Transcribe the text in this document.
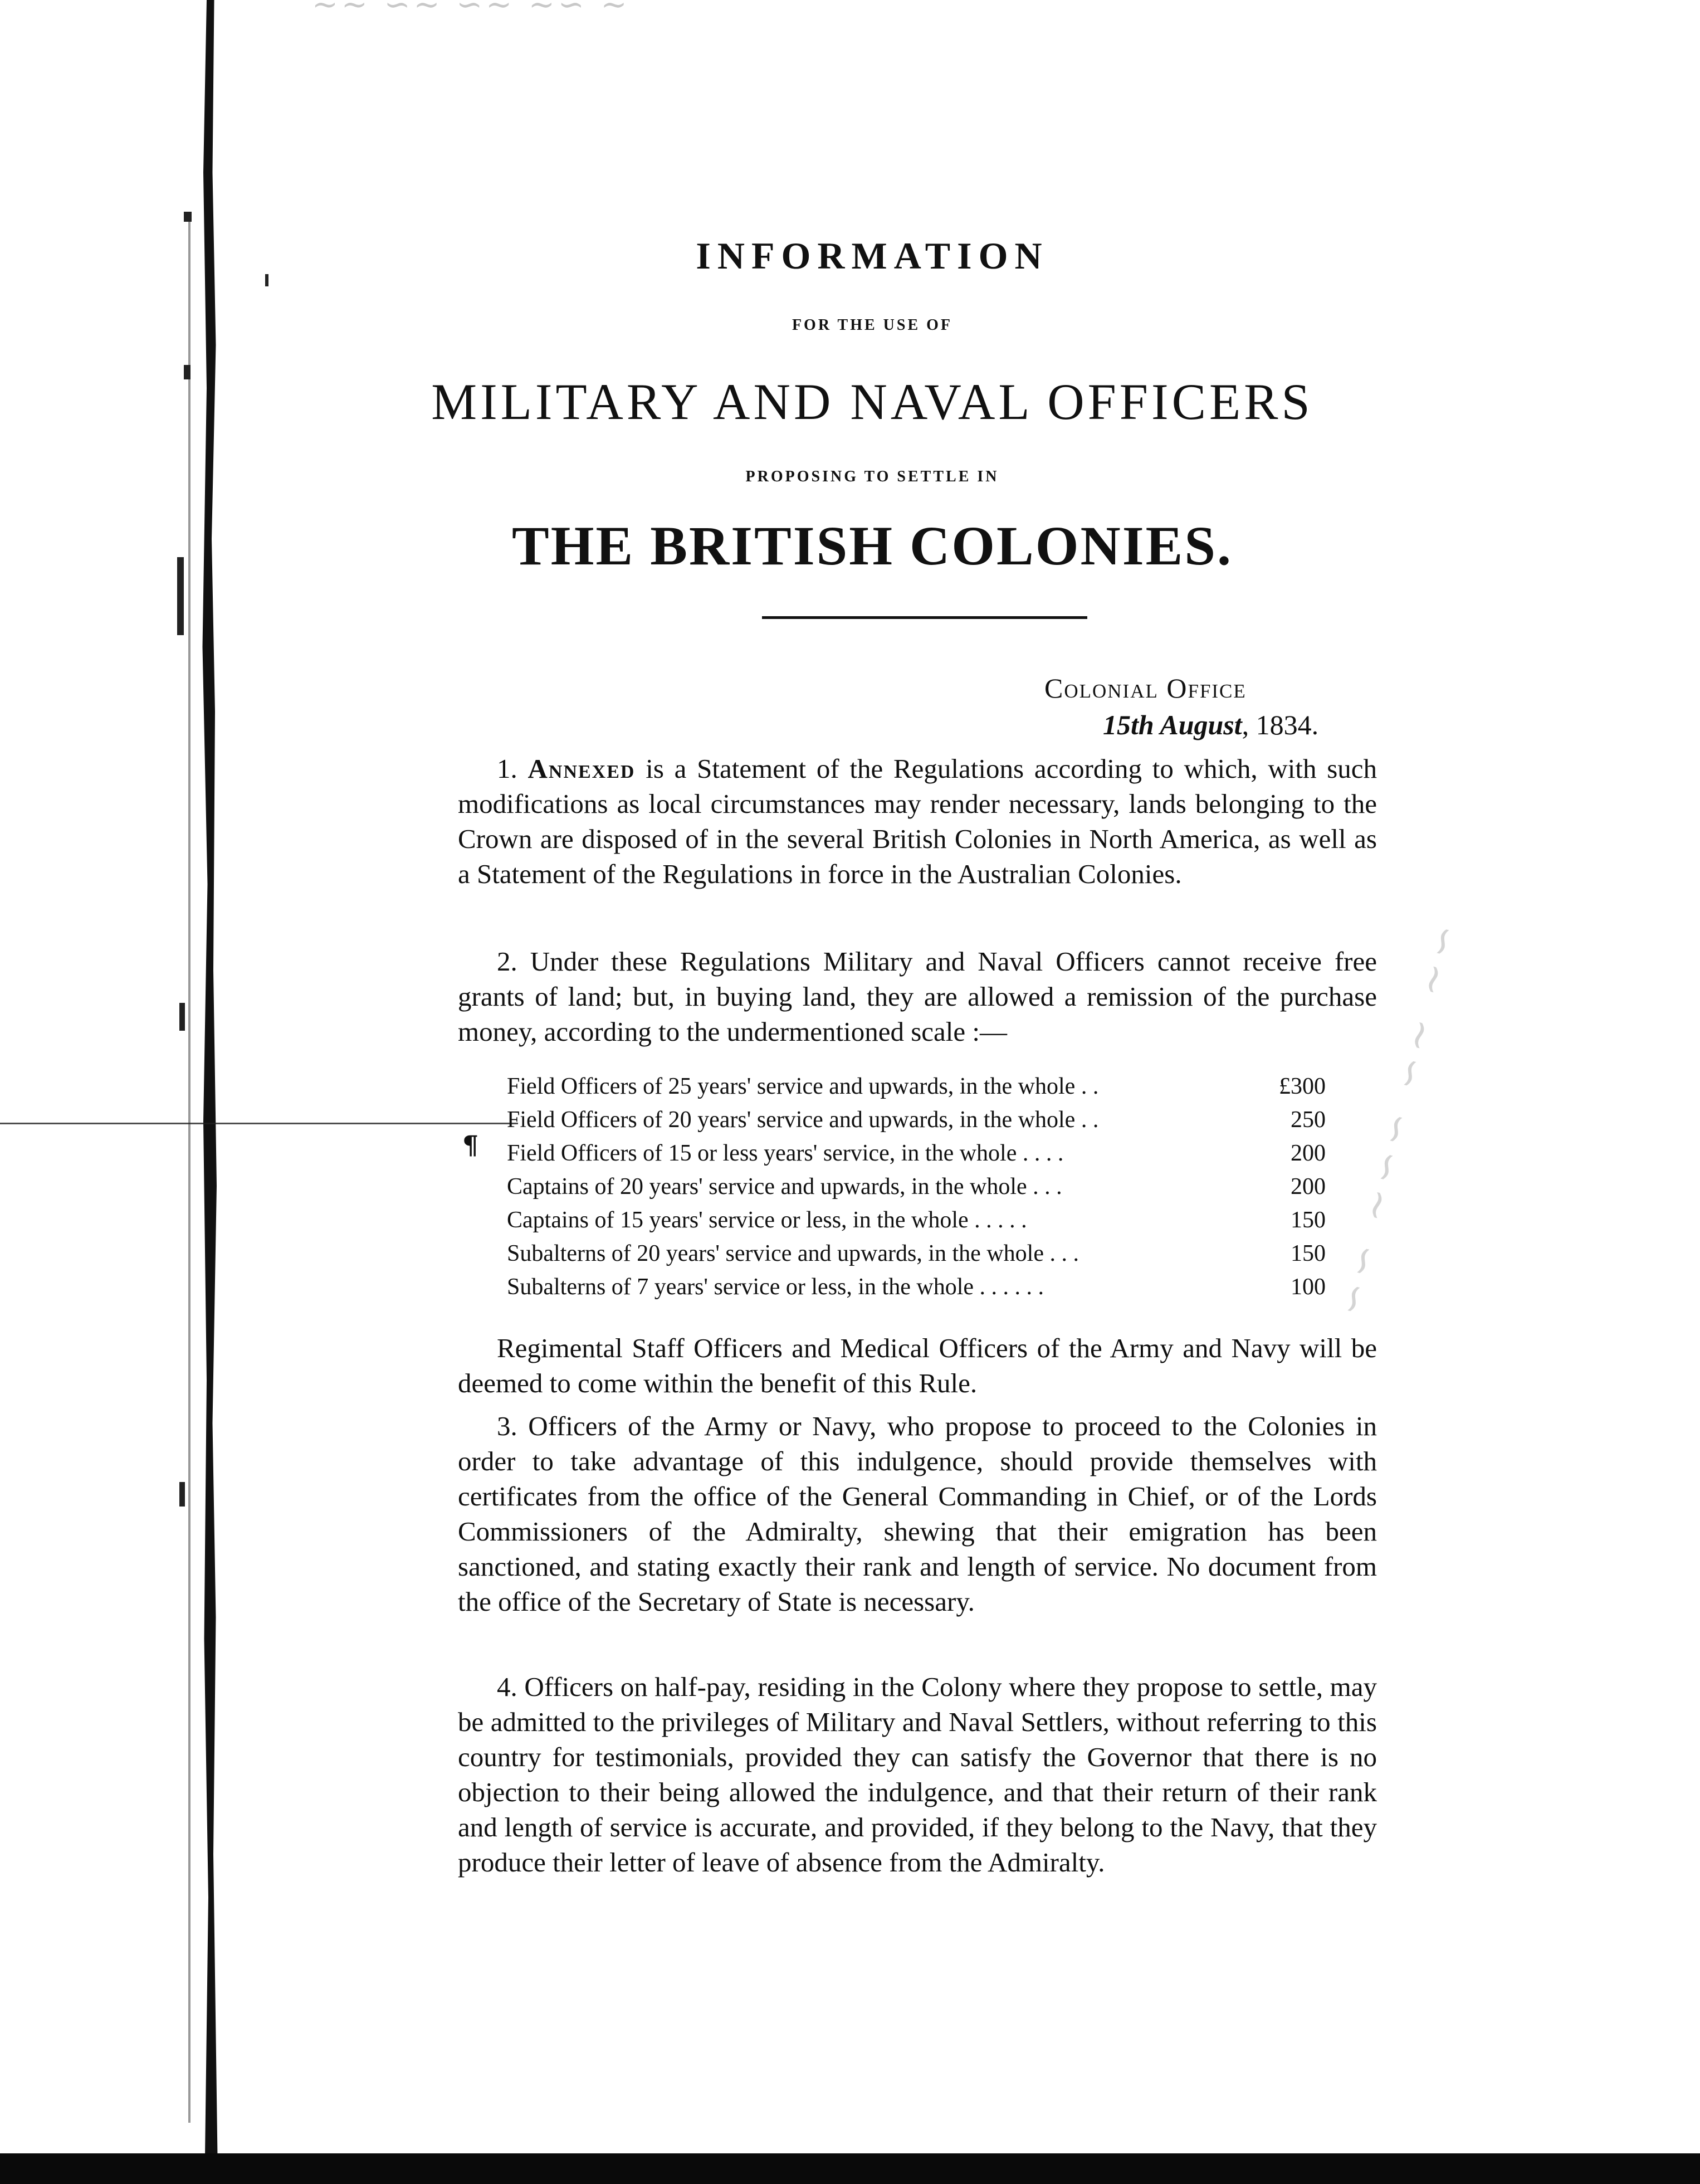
~~ ∽∼ ∽∼ ∼∽ ∼
∽∽ ∼∽∽ ∽∼ ∼∽
INFORMATION
FOR THE USE OF
MILITARY AND NAVAL OFFICERS
PROPOSING TO SETTLE IN
THE BRITISH COLONIES.
Colonial Office
15th August, 1834.

1. Annexed is a Statement of the Regulations according to which, with such modifications as local circumstances may render necessary, lands belonging to the Crown are disposed of in the several British Colonies in North America, as well as a Statement of the Regulations in force in the Australian Colonies.

2. Under these Regulations Military and Naval Officers cannot receive free grants of land; but, in buying land, they are allowed a remission of the purchase money, according to the undermentioned scale :—

¶
Field Officers of 25 years' service and upwards, in the whole . .	£300
Field Officers of 20 years' service and upwards, in the whole . .	250
Field Officers of 15 or less years' service, in the whole . . . .	200
Captains of 20 years' service and upwards, in the whole . . .	200
Captains of 15 years' service or less, in the whole . . . . .	150
Subalterns of 20 years' service and upwards, in the whole . . .	150
Subalterns of 7 years' service or less, in the whole . . . . . .	100

Regimental Staff Officers and Medical Officers of the Army and Navy will be deemed to come within the benefit of this Rule.

3. Officers of the Army or Navy, who propose to proceed to the Colonies in order to take advantage of this indulgence, should provide themselves with certificates from the office of the General Commanding in Chief, or of the Lords Commissioners of the Admiralty, shewing that their emigration has been sanctioned, and stating exactly their rank and length of service. No document from the office of the Secretary of State is necessary.

4. Officers on half-pay, residing in the Colony where they propose to settle, may be admitted to the privileges of Military and Naval Settlers, without referring to this country for testimonials, provided they can satisfy the Governor that there is no objection to their being allowed the indulgence, and that their return of their rank and length of service is accurate, and provided, if they belong to the Navy, that they produce their letter of leave of absence from the Admiralty.
